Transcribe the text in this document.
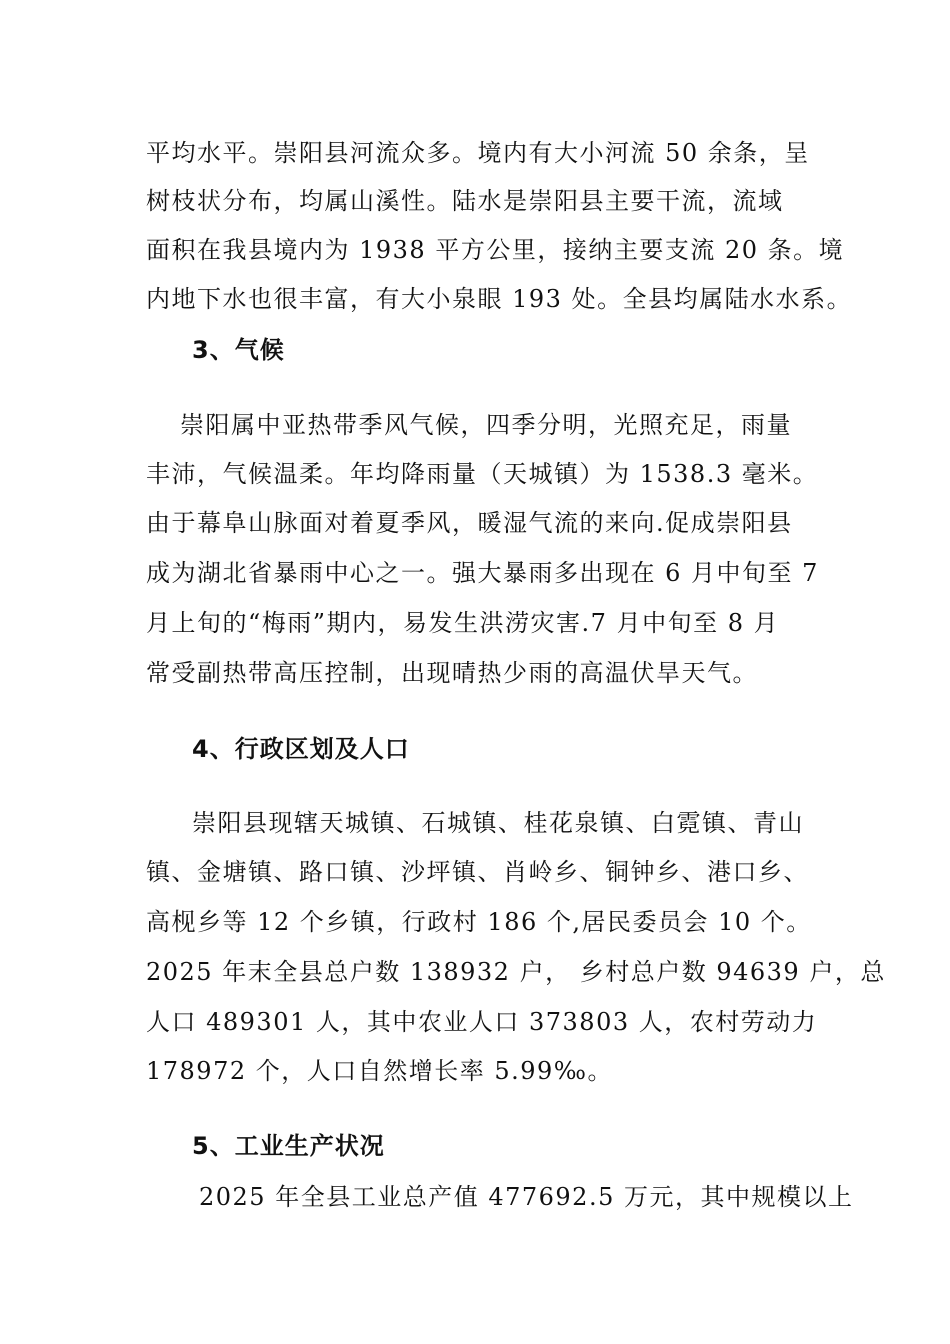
平均水平。崇阳县河流众多。境内有大小河流 50 余条，呈
树枝状分布，均属山溪性。陆水是崇阳县主要干流，流域
面积在我县境内为 1938 平方公里，接纳主要支流 20 条。境
内地下水也很丰富，有大小泉眼 193 处。全县均属陆水水系。
3、气候
崇阳属中亚热带季风气候，四季分明，光照充足，雨量
丰沛，气候温柔。年均降雨量（天城镇）为 1538.3 毫米。
由于幕阜山脉面对着夏季风，暖湿气流的来向.促成崇阳县
成为湖北省暴雨中心之一。强大暴雨多出现在 6 月中旬至 7
月上旬的“梅雨”期内，易发生洪涝灾害.7 月中旬至 8 月
常受副热带高压控制，出现晴热少雨的高温伏旱天气。
4、行政区划及人口
崇阳县现辖天城镇、石城镇、桂花泉镇、白霓镇、青山
镇、金塘镇、路口镇、沙坪镇、肖岭乡、铜钟乡、港口乡、
高枧乡等 12 个乡镇，行政村 186 个,居民委员会 10 个。
2025 年末全县总户数 138932 户， 乡村总户数 94639 户，总
人口 489301 人，其中农业人口 373803 人，农村劳动力
178972 个，人口自然增长率 5.99‰。
5、工业生产状况
2025 年全县工业总产值 477692.5 万元，其中规模以上
